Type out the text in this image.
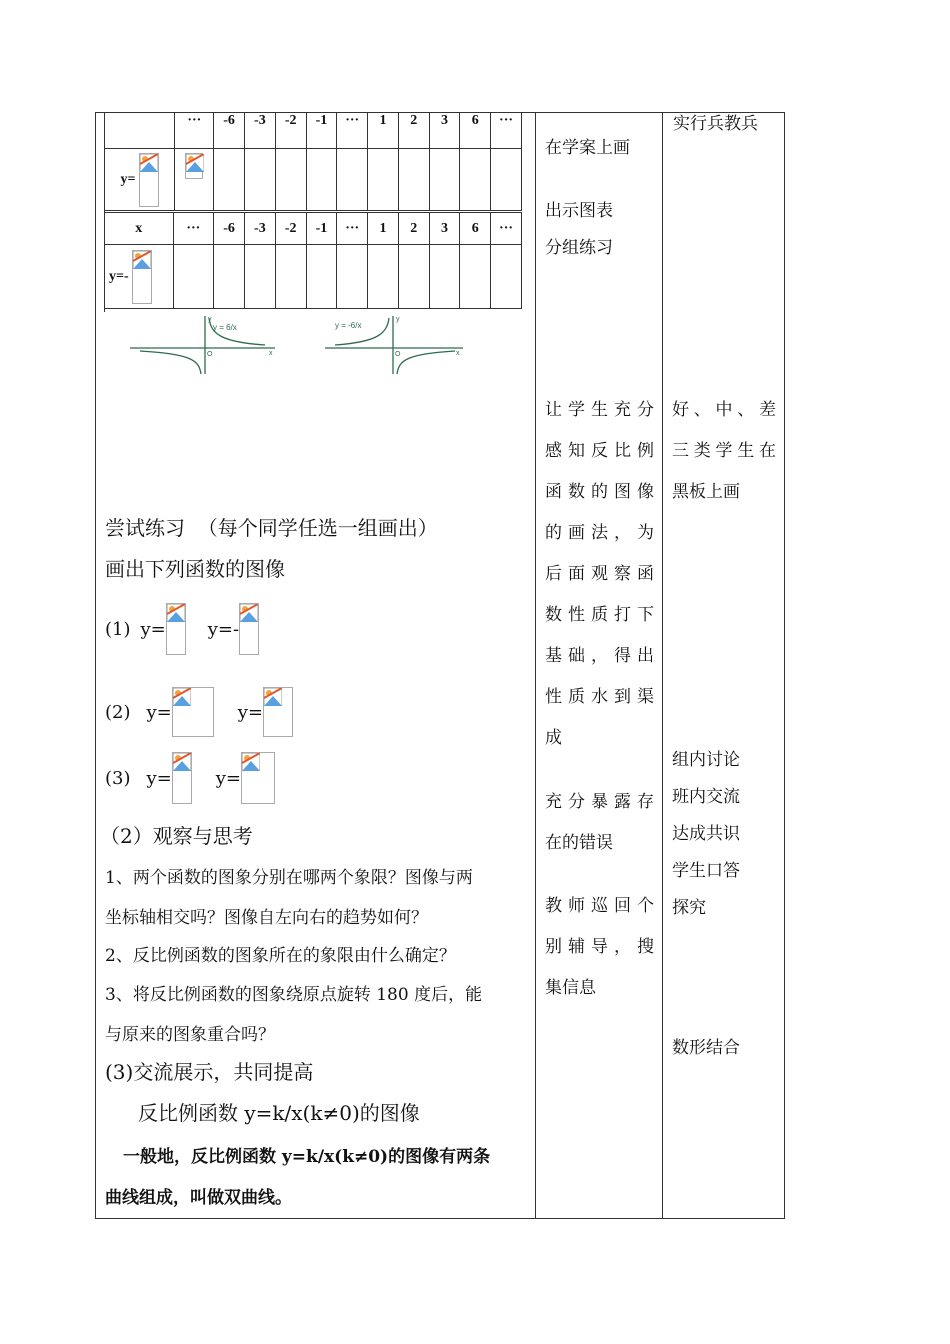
	···	-6	-3	-2	-1	···	1	2	3	6	···
y=

x	···	-6	-3	-2	-1	···	1	2	3	6	···
y=-

y = 6/x
y
x
O
y = -6/x
y
x
O
尝试练习  （每个同学任选一组画出）
画出下列函数的图像
(1) y= y=-
(2) y=	y=
(3) y= y=
（2）观察与思考
1、两个函数的图象分别在哪两个象限？图像与两
坐标轴相交吗？图像自左向右的趋势如何？
2、反比例函数的图象所在的象限由什么确定？
3、将反比例函数的图象绕原点旋转 180 度后，能
与原来的图象重合吗？
(3)交流展示，共同提高
反比例函数 y=k/x(k≠0)的图像
一般地，反比例函数 y=k/x(k≠0)的图像有两条
曲线组成，叫做双曲线。
在学案上画
出示图表
分组练习
让学生充分
感知反比例
函数的图像
的画法，为
后面观察函
数性质打下
基础，得出
性质水到渠
成
充分暴露存
在的错误
教师巡回个
别辅导，搜
集信息
实行兵教兵
好、中、差
三类学生在
黑板上画
组内讨论
班内交流
达成共识
学生口答
探究
数形结合
